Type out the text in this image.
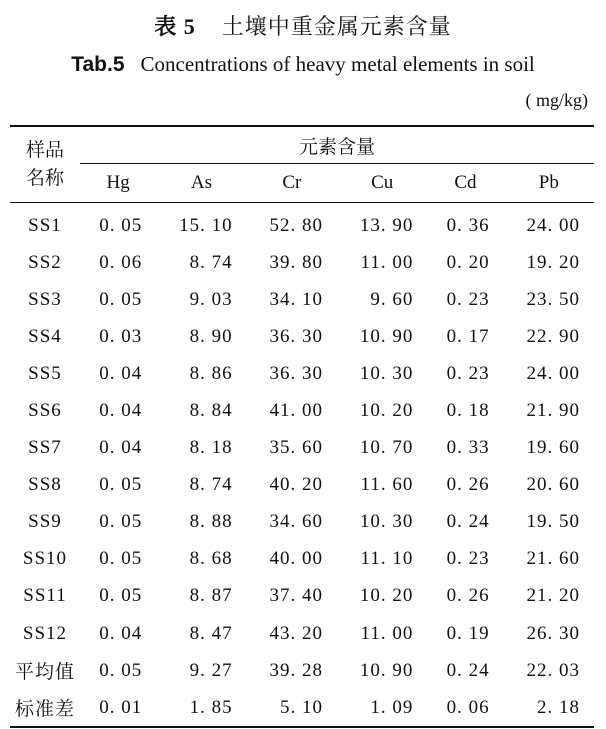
表 5 土壤中重金属元素含量
Tab.5 Concentrations of heavy metal elements in soil
( mg/kg)
样品
名称	元素含量					
	Hg	As	Cr	Cu	Cd	Pb
SS1	0. 05	15. 10	52. 80	13. 90	0. 36	24. 00
SS2	0. 06	8. 74	39. 80	11. 00	0. 20	19. 20
SS3	0. 05	9. 03	34. 10	9. 60	0. 23	23. 50
SS4	0. 03	8. 90	36. 30	10. 90	0. 17	22. 90
SS5	0. 04	8. 86	36. 30	10. 30	0. 23	24. 00
SS6	0. 04	8. 84	41. 00	10. 20	0. 18	21. 90
SS7	0. 04	8. 18	35. 60	10. 70	0. 33	19. 60
SS8	0. 05	8. 74	40. 20	11. 60	0. 26	20. 60
SS9	0. 05	8. 88	34. 60	10. 30	0. 24	19. 50
SS10	0. 05	8. 68	40. 00	11. 10	0. 23	21. 60
SS11	0. 05	8. 87	37. 40	10. 20	0. 26	21. 20
SS12	0. 04	8. 47	43. 20	11. 00	0. 19	26. 30
平均值	0. 05	9. 27	39. 28	10. 90	0. 24	22. 03
标准差	0. 01	1. 85	5. 10	1. 09	0. 06	2. 18
